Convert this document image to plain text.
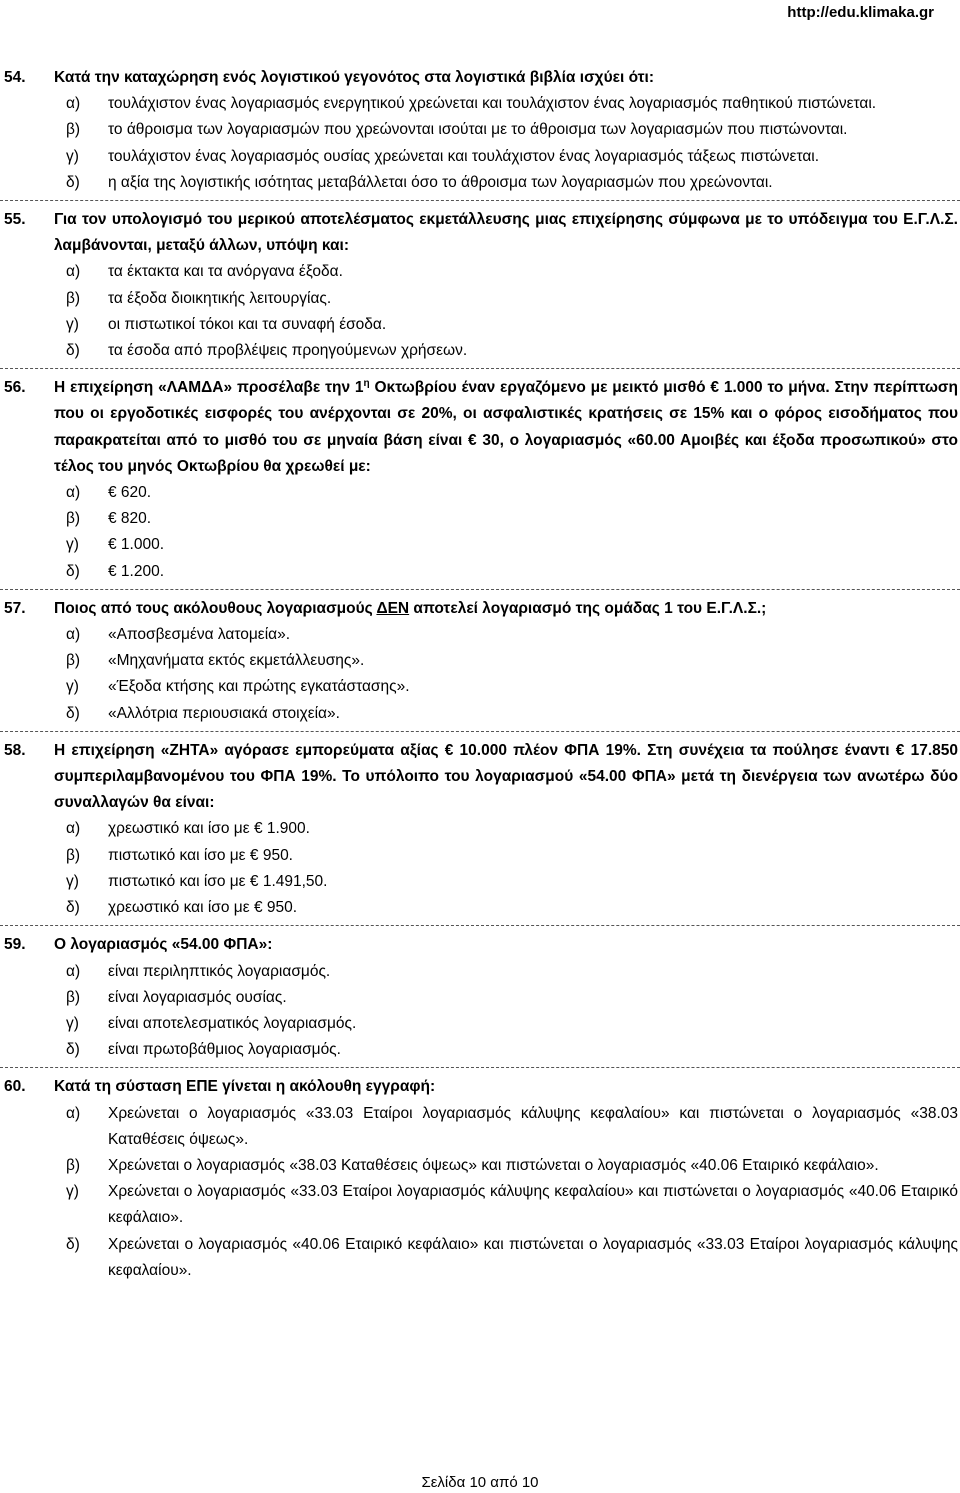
http://edu.klimaka.gr
54. Κατά την καταχώρηση ενός λογιστικού γεγονότος στα λογιστικά βιβλία ισχύει ότι:
α) τουλάχιστον ένας λογαριασμός ενεργητικού χρεώνεται και τουλάχιστον ένας λογαριασμός παθητικού πιστώνεται.
β) το άθροισμα των λογαριασμών που χρεώνονται ισούται με το άθροισμα των λογαριασμών που πιστώνονται.
γ) τουλάχιστον ένας λογαριασμός ουσίας χρεώνεται και τουλάχιστον ένας λογαριασμός τάξεως πιστώνεται.
δ) η αξία της λογιστικής ισότητας μεταβάλλεται όσο το άθροισμα των λογαριασμών που χρεώνονται.
55. Για τον υπολογισμό του μερικού αποτελέσματος εκμετάλλευσης μιας επιχείρησης σύμφωνα με το υπόδειγμα του Ε.Γ.Λ.Σ. λαμβάνονται, μεταξύ άλλων, υπόψη και:
α) τα έκτακτα και τα ανόργανα έξοδα.
β) τα έξοδα διοικητικής λειτουργίας.
γ) οι πιστωτικοί τόκοι και τα συναφή έσοδα.
δ) τα έσοδα από προβλέψεις προηγούμενων χρήσεων.
56. Η επιχείρηση «ΛΑΜΔΑ» προσέλαβε την $1^\eta$ Οκτωβρίου έναν εργαζόμενο με μεικτό μισθό € 1.000 το μήνα. Στην περίπτωση που οι εργοδοτικές εισφορές του ανέρχονται σε 20%, οι ασφαλιστικές κρατήσεις σε 15% και ο φόρος εισοδήματος που παρακρατείται από το μισθό του σε μηναία βάση είναι € 30, ο λογαριασμός «60.00 Αμοιβές και έξοδα προσωπικού» στο τέλος του μηνός Οκτωβρίου θα χρεωθεί με:
α) € 620.
β) € 820.
γ) € 1.000.
δ) € 1.200.
57. Ποιος από τους ακόλουθους λογαριασμούς ΔΕΝ αποτελεί λογαριασμό της ομάδας 1 του Ε.Γ.Λ.Σ.;
α) «Αποσβεσμένα λατομεία».
β) «Μηχανήματα εκτός εκμετάλλευσης».
γ) «Έξοδα κτήσης και πρώτης εγκατάστασης».
δ) «Αλλότρια περιουσιακά στοιχεία».
58. Η επιχείρηση «ΖΗΤΑ» αγόρασε εμπορεύματα αξίας € 10.000 πλέον ΦΠΑ 19%. Στη συνέχεια τα πούλησε έναντι € 17.850 συμπεριλαμβανομένου του ΦΠΑ 19%. Το υπόλοιπο του λογαριασμού «54.00 ΦΠΑ» μετά τη διενέργεια των ανωτέρω δύο συναλλαγών θα είναι:
α) χρεωστικό και ίσο με € 1.900.
β) πιστωτικό και ίσο με € 950.
γ) πιστωτικό και ίσο με € 1.491,50.
δ) χρεωστικό και ίσο με € 950.
59. Ο λογαριασμός «54.00 ΦΠΑ»:
α) είναι περιληπτικός λογαριασμός.
β) είναι λογαριασμός ουσίας.
γ) είναι αποτελεσματικός λογαριασμός.
δ) είναι πρωτοβάθμιος λογαριασμός.
60. Κατά τη σύσταση ΕΠΕ γίνεται η ακόλουθη εγγραφή:
α) Χρεώνεται ο λογαριασμός «33.03 Εταίροι λογαριασμός κάλυψης κεφαλαίου» και πιστώνεται ο λογαριασμός «38.03 Καταθέσεις όψεως».
β) Χρεώνεται ο λογαριασμός «38.03 Καταθέσεις όψεως» και πιστώνεται ο λογαριασμός «40.06 Εταιρικό κεφάλαιο».
γ) Χρεώνεται ο λογαριασμός «33.03 Εταίροι λογαριασμός κάλυψης κεφαλαίου» και πιστώνεται ο λογαριασμός «40.06 Εταιρικό κεφάλαιο».
δ) Χρεώνεται ο λογαριασμός «40.06 Εταιρικό κεφάλαιο» και πιστώνεται ο λογαριασμός «33.03 Εταίροι λογαριασμός κάλυψης κεφαλαίου».
Σελίδα 10 από 10
